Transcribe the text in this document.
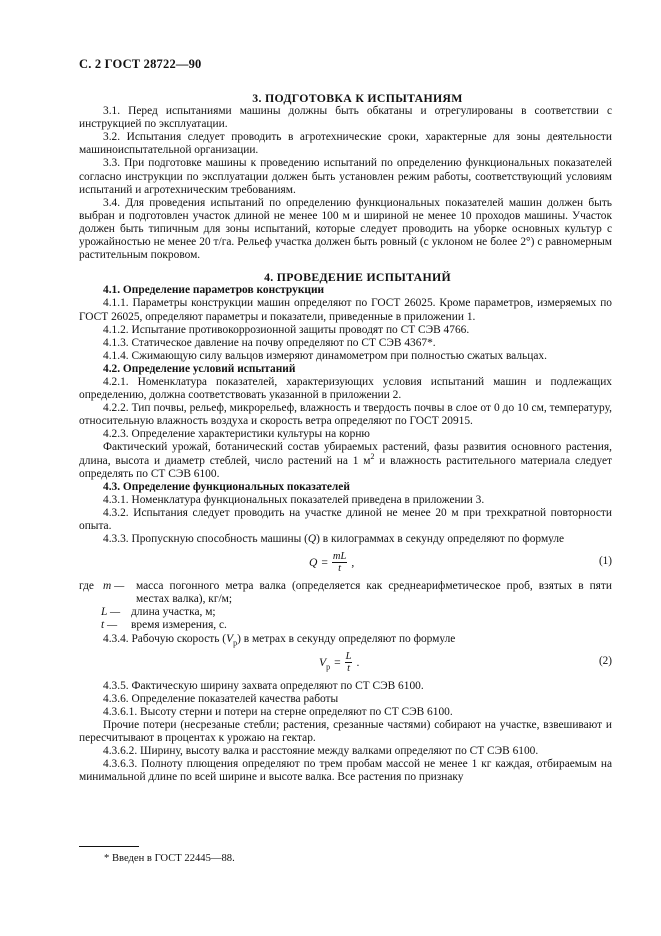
С. 2 ГОСТ 28722—90

3. ПОДГОТОВКА К ИСПЫТАНИЯМ

3.1. Перед испытаниями машины должны быть обкатаны и отрегулированы в соответствии с инструкцией по эксплуатации.

3.2. Испытания следует проводить в агротехнические сроки, характерные для зоны деятельности машиноиспытательной организации.

3.3. При подготовке машины к проведению испытаний по определению функциональных показателей согласно инструкции по эксплуатации должен быть установлен режим работы, соответствующий условиям испытаний и агротехническим требованиям.

3.4. Для проведения испытаний по определению функциональных показателей машин должен быть выбран и подготовлен участок длиной не менее 100 м и шириной не менее 10 проходов машины. Участок должен быть типичным для зоны испытаний, которые следует проводить на уборке основных культур с урожайностью не менее 20 т/га. Рельеф участка должен быть ровный (с уклоном не более 2°) с равномерным растительным покровом.

4. ПРОВЕДЕНИЕ ИСПЫТАНИЙ

4.1. Определение параметров конструкции

4.1.1. Параметры конструкции машин определяют по ГОСТ 26025. Кроме параметров, измеряемых по ГОСТ 26025, определяют параметры и показатели, приведенные в приложении 1.

4.1.2. Испытание противокоррозионной защиты проводят по СТ СЭВ 4766.

4.1.3. Статическое давление на почву определяют по СТ СЭВ 4367*.

4.1.4. Сжимающую силу вальцов измеряют динамометром при полностью сжатых вальцах.

4.2. Определение условий испытаний

4.2.1. Номенклатура показателей, характеризующих условия испытаний машин и подлежащих определению, должна соответствовать указанной в приложении 2.

4.2.2. Тип почвы, рельеф, микрорельеф, влажность и твердость почвы в слое от 0 до 10 см, температуру, относительную влажность воздуха и скорость ветра определяют по ГОСТ 20915.

4.2.3. Определение характеристики культуры на корню

Фактический урожай, ботанический состав убираемых растений, фазы развития основного растения, длина, высота и диаметр стеблей, число растений на 1 $м^2$ и влажность растительного материала следует определять по СТ СЭВ 6100.

4.3. Определение функциональных показателей

4.3.1. Номенклатура функциональных показателей приведена в приложении 3.

4.3.2. Испытания следует проводить на участке длиной не менее 20 м при трехкратной повторности опыта.

4.3.3. Пропускную способность машины (Q) в килограммах в секунду определяют по формуле

$Q = \frac{mL}{t}$ ,	(1)
где m —	масса погонного метра валка (определяется как среднеарифметическое проб, взятых в пяти местах валка), кг/м;
L — длина участка, м;
t —	время измерения, с.

4.3.4. Рабочую скорость $(V_p)$ в метрах в секунду определяют по формуле

$V_p = \frac{L}{t}$ .	(2)

4.3.5. Фактическую ширину захвата определяют по СТ СЭВ 6100.

4.3.6. Определение показателей качества работы

4.3.6.1. Высоту стерни и потери на стерне определяют по СТ СЭВ 6100.

Прочие потери (несрезаные стебли; растения, срезанные частями) собирают на участке, взвешивают и пересчитывают в процентах к урожаю на гектар.

4.3.6.2. Ширину, высоту валка и расстояние между валками определяют по СТ СЭВ 6100.

4.3.6.3. Полноту плющения определяют по трем пробам массой не менее 1 кг каждая, отбираемым на минимальной длине по всей ширине и высоте валка. Все растения по признаку

* Введен в ГОСТ 22445—88.
